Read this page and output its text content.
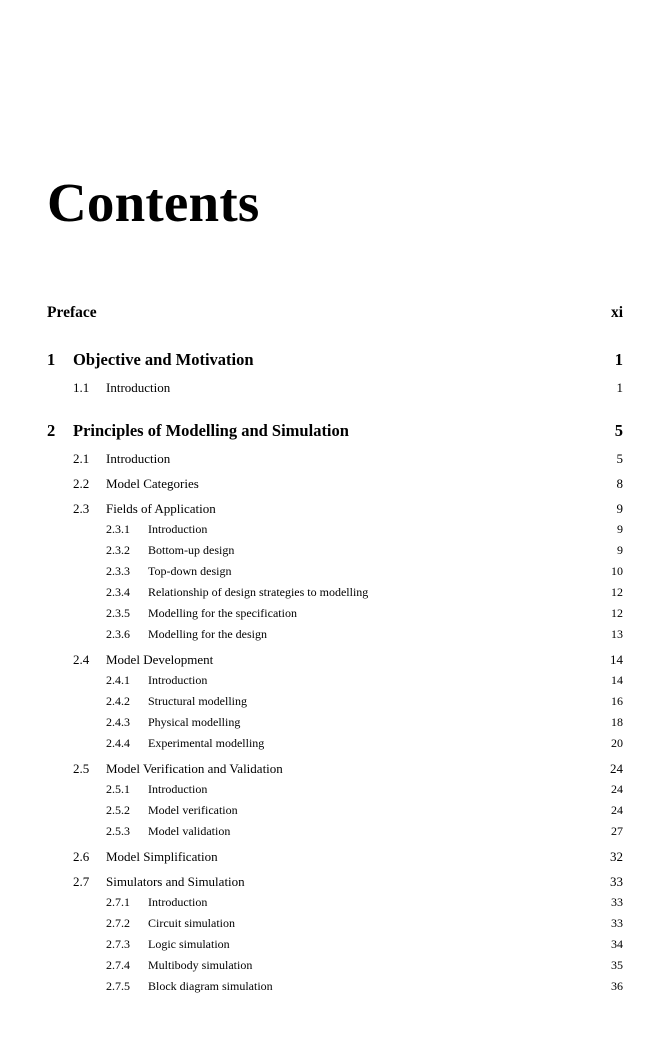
Contents
Preface	xi
1 Objective and Motivation	1
1.1 Introduction	1
2 Principles of Modelling and Simulation	5
2.1 Introduction	5
2.2 Model Categories	8
2.3 Fields of Application	9
2.3.1 Introduction	9
2.3.2 Bottom-up design	9
2.3.3 Top-down design	10
2.3.4 Relationship of design strategies to modelling	12
2.3.5 Modelling for the specification	12
2.3.6 Modelling for the design	13
2.4 Model Development	14
2.4.1 Introduction	14
2.4.2 Structural modelling	16
2.4.3 Physical modelling	18
2.4.4 Experimental modelling	20
2.5 Model Verification and Validation	24
2.5.1 Introduction	24
2.5.2 Model verification	24
2.5.3 Model validation	27
2.6 Model Simplification	32
2.7 Simulators and Simulation	33
2.7.1 Introduction	33
2.7.2 Circuit simulation	33
2.7.3 Logic simulation	34
2.7.4 Multibody simulation	35
2.7.5 Block diagram simulation	36
